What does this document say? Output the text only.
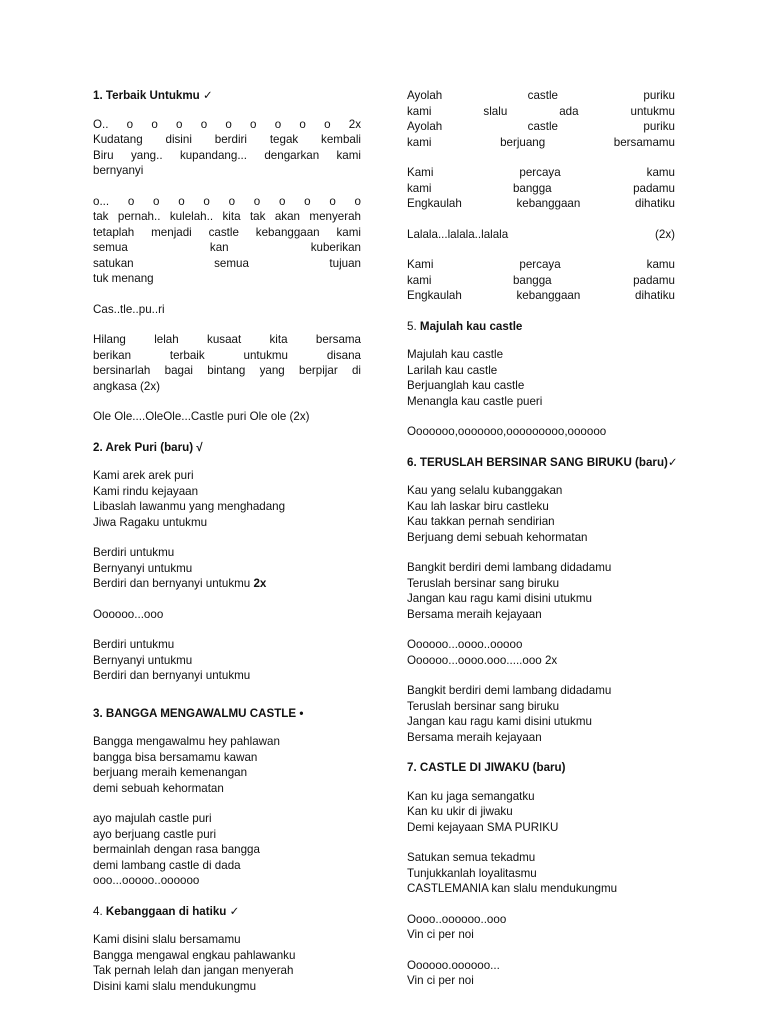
1. Terbaik Untukmu ✓
O.. o o o o o o o o o 2x
Kudatang disini berdiri tegak kembali
Biru yang.. kupandang... dengarkan kami
bernyanyi
o... o o o o o o o o o o
tak pernah.. kulelah.. kita tak akan menyerah
tetaplah menjadi castle kebanggaan kami
semua kan kuberikan
satukan semua tujuan
tuk menang
Cas..tle..pu..ri
Hilang lelah kusaat kita bersama
berikan terbaik untukmu disana
bersinarlah bagai bintang yang berpijar di
angkasa (2x)
Ole Ole....OleOle...Castle puri Ole ole (2x)
2. Arek Puri (baru) √
Kami arek arek puri
Kami rindu kejayaan
Libaslah lawanmu yang menghadang
Jiwa Ragaku untukmu
Berdiri untukmu
Bernyanyi untukmu
Berdiri dan bernyanyi untukmu 2x
Oooooo...ooo
Berdiri untukmu
Bernyanyi untukmu
Berdiri dan bernyanyi untukmu
3. BANGGA MENGAWALMU CASTLE •
Bangga mengawalmu hey pahlawan
bangga bisa bersamamu kawan
berjuang meraih kemenangan
demi sebuah kehormatan
ayo majulah castle puri
ayo berjuang castle puri
bermainlah dengan rasa bangga
demi lambang castle di dada
ooo...ooooo..oooooo
4. Kebanggaan di hatiku ✓
Kami disini slalu bersamamu
Bangga mengawal engkau pahlawanku
Tak pernah lelah dan jangan menyerah
Disini kami slalu mendukungmu
Ayolah castle puriku
kami slalu ada untukmu
Ayolah castle puriku
kami berjuang bersamamu
Kami percaya kamu
kami bangga padamu
Engkaulah kebanggaan dihatiku
Lalala...lalala..lalala (2x)
Kami percaya kamu
kami bangga padamu
Engkaulah kebanggaan dihatiku
5. Majulah kau castle
Majulah kau castle
Larilah kau castle
Berjuanglah kau castle
Menangla kau castle pueri
Ooooooo,ooooooo,ooooooooo,oooooo
6. TERUSLAH BERSINAR SANG BIRUKU (baru)✓
Kau yang selalu kubanggakan
Kau lah laskar biru castleku
Kau takkan pernah sendirian
Berjuang demi sebuah kehormatan
Bangkit berdiri demi lambang didadamu
Teruslah bersinar sang biruku
Jangan kau ragu kami disini utukmu
Bersama meraih kejayaan
Oooooo...oooo..ooooo
Oooooo...oooo.ooo.....ooo 2x
Bangkit berdiri demi lambang didadamu
Teruslah bersinar sang biruku
Jangan kau ragu kami disini utukmu
Bersama meraih kejayaan
7. CASTLE DI JIWAKU (baru)
Kan ku jaga semangatku
Kan ku ukir di jiwaku
Demi kejayaan SMA PURIKU
Satukan semua tekadmu
Tunjukkanlah loyalitasmu
CASTLEMANIA kan slalu mendukungmu
Oooo..oooooo..ooo
Vin ci per noi
Oooooo.oooooo...
Vin ci per noi
